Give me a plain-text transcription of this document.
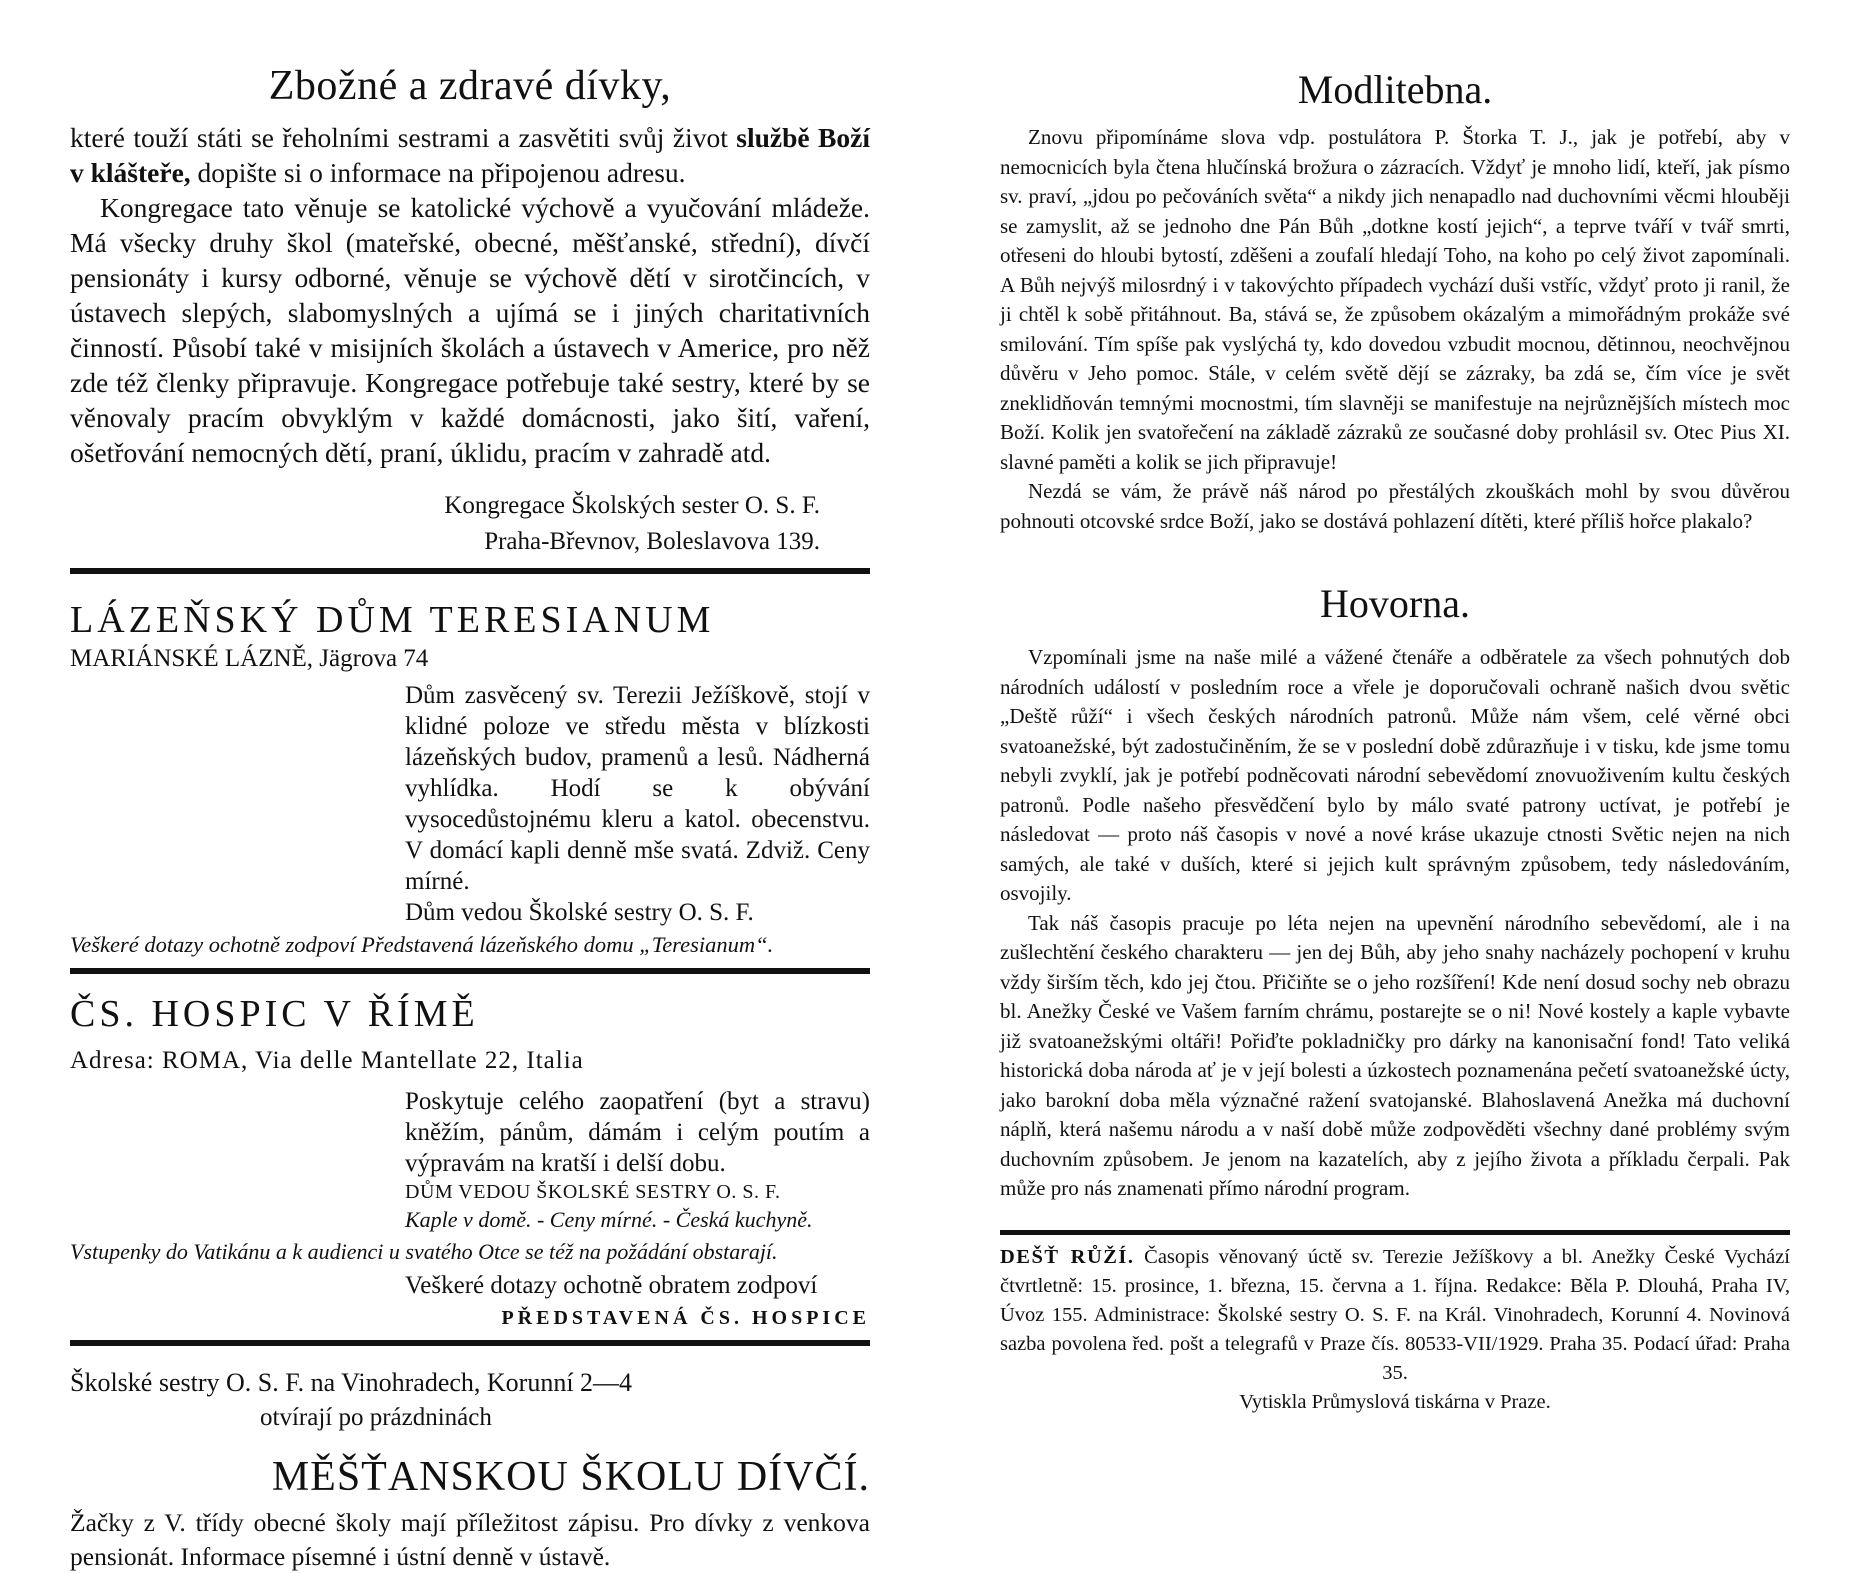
Zbožné a zdravé dívky,

které touží státi se řeholními sestrami a zasvětiti svůj život službě Boží v klášteře, dopište si o informace na připojenou adresu.

Kongregace tato věnuje se katolické výchově a vyučování mládeže. Má všecky druhy škol (mateřské, obecné, měšťanské, střední), dívčí pensionáty i kursy odborné, věnuje se výchově dětí v sirotčincích, v ústavech slepých, slabomyslných a ujímá se i jiných charitativních činností. Působí také v misijních školách a ústavech v Americe, pro něž zde též členky připravuje. Kongregace potřebuje také sestry, které by se věnovaly pracím obvyklým v každé domácnosti, jako šití, vaření, ošetřování nemocných dětí, praní, úklidu, pracím v zahradě atd.

Kongregace Školských sester O. S. F.
Praha-Břevnov, Boleslavova 139.
LÁZEŇSKÝ DŮM TERESIANUM
MARIÁNSKÉ LÁZNĚ, Jägrova 74
Dům zasvěcený sv. Terezii Ježíškově, stojí v klidné poloze ve středu města v blízkosti lázeňských budov, pramenů a lesů. Nádherná vyhlídka. Hodí se k obývání vysocedůstojnému kleru a katol. obecenstvu. V domácí kapli denně mše svatá. Zdviž. Ceny mírné.
Dům vedou Školské sestry O. S. F.
Veškeré dotazy ochotně zodpoví Představená lázeňského domu „Teresianum“.
ČS. HOSPIC V ŘÍMĚ
Adresa: ROMA, Via delle Mantellate 22, Italia
Poskytuje celého zaopatření (byt a stravu) kněžím, pánům, dámám i celým poutím a výpravám na kratší i delší dobu.
DŮM VEDOU ŠKOLSKÉ SESTRY O. S. F.
Kaple v domě. - Ceny mírné. - Česká kuchyně.
Vstupenky do Vatikánu a k audienci u svatého Otce se též na požádání obstarají.
Veškeré dotazy ochotně obratem zodpoví
PŘEDSTAVENÁ ČS. HOSPICE
Školské sestry O. S. F. na Vinohradech, Korunní 2—4
otvírají po prázdninách
MĚŠŤANSKOU ŠKOLU DÍVČÍ.
Žačky z V. třídy obecné školy mají příležitost zápisu. Pro dívky z venkova pensionát. Informace písemné i ústní denně v ústavě.
Modlitebna.

Znovu připomínáme slova vdp. postulátora P. Štorka T. J., jak je potřebí, aby v nemocnicích byla čtena hlučínská brožura o zázracích. Vždyť je mnoho lidí, kteří, jak písmo sv. praví, „jdou po pečováních světa“ a nikdy jich nenapadlo nad duchovními věcmi hlouběji se zamyslit, až se jednoho dne Pán Bůh „dotkne kostí jejich“, a teprve tváří v tvář smrti, otřeseni do hloubi bytostí, zděšeni a zoufalí hledají Toho, na koho po celý život zapomínali. A Bůh nejvýš milosrdný i v takovýchto případech vychází duši vstříc, vždyť proto ji ranil, že ji chtěl k sobě přitáhnout. Ba, stává se, že způsobem okázalým a mimořádným prokáže své smilování. Tím spíše pak vyslýchá ty, kdo dovedou vzbudit mocnou, dětinnou, neochvějnou důvěru v Jeho pomoc. Stále, v celém světě dějí se zázraky, ba zdá se, čím více je svět zneklidňován temnými mocnostmi, tím slavněji se manifestuje na nejrůznějších místech moc Boží. Kolik jen svatořečení na základě zázraků ze současné doby prohlásil sv. Otec Pius XI. slavné paměti a kolik se jich připravuje!

Nezdá se vám, že právě náš národ po přestálých zkouškách mohl by svou důvěrou pohnouti otcovské srdce Boží, jako se dostává pohlazení dítěti, které příliš hořce plakalo?

Hovorna.

Vzpomínali jsme na naše milé a vážené čtenáře a odběratele za všech pohnutých dob národních událostí v posledním roce a vřele je doporučovali ochraně našich dvou světic „Deště růží“ i všech českých národních patronů. Může nám všem, celé věrné obci svatoanežské, být zadostučiněním, že se v poslední době zdůrazňuje i v tisku, kde jsme tomu nebyli zvyklí, jak je potřebí podněcovati národní sebevědomí znovuoživením kultu českých patronů. Podle našeho přesvědčení bylo by málo svaté patrony uctívat, je potřebí je následovat — proto náš časopis v nové a nové kráse ukazuje ctnosti Světic nejen na nich samých, ale také v duších, které si jejich kult správným způsobem, tedy následováním, osvojily.

Tak náš časopis pracuje po léta nejen na upevnění národního sebevědomí, ale i na zušlechtění českého charakteru — jen dej Bůh, aby jeho snahy nacházely pochopení v kruhu vždy širším těch, kdo jej čtou. Přičiňte se o jeho rozšíření! Kde není dosud sochy neb obrazu bl. Anežky České ve Vašem farním chrámu, postarejte se o ni! Nové kostely a kaple vybavte již svatoanežskými oltáři! Pořiďte pokladničky pro dárky na kanonisační fond! Tato veliká historická doba národa ať je v její bolesti a úzkostech poznamenána pečetí svatoanežské úcty, jako barokní doba měla význačné ražení svatojanské. Blahoslavená Anežka má duchovní náplň, která našemu národu a v naší době může zodpověděti všechny dané problémy svým duchovním způsobem. Je jenom na kazatelích, aby z jejího života a příkladu čerpali. Pak může pro nás znamenati přímo národní program.

DEŠŤ RŮŽÍ. Časopis věnovaný úctě sv. Terezie Ježíškovy a bl. Anežky České Vychází čtvrtletně: 15. prosince, 1. března, 15. června a 1. října. Redakce: Běla P. Dlouhá, Praha IV, Úvoz 155. Administrace: Školské sestry O. S. F. na Král. Vinohradech, Korunní 4. Novinová sazba povolena řed. pošt a telegrafů v Praze čís. 80533-VII/1929. Praha 35. Podací úřad: Praha 35.
Vytiskla Průmyslová tiskárna v Praze.
